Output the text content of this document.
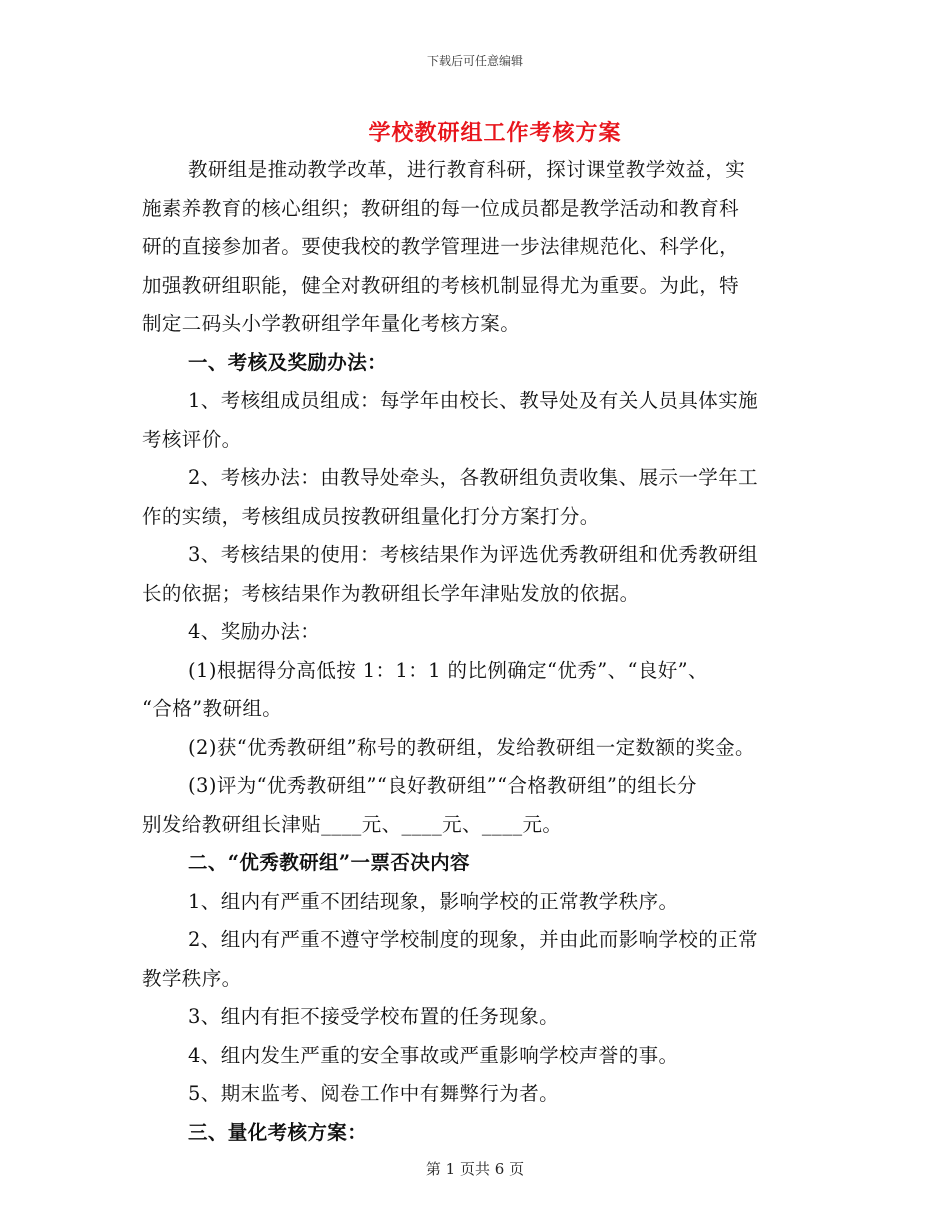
下载后可任意编辑
学校教研组工作考核方案
教研组是推动教学改革，进行教育科研，探讨课堂教学效益，实
施素养教育的核心组织；教研组的每一位成员都是教学活动和教育科
研的直接参加者。要使我校的教学管理进一步法律规范化、科学化，
加强教研组职能，健全对教研组的考核机制显得尤为重要。为此，特
制定二码头小学教研组学年量化考核方案。
一、考核及奖励办法：
1、考核组成员组成：每学年由校长、教导处及有关人员具体实施
考核评价。
2、考核办法：由教导处牵头，各教研组负责收集、展示一学年工
作的实绩，考核组成员按教研组量化打分方案打分。
3、考核结果的使用：考核结果作为评选优秀教研组和优秀教研组
长的依据；考核结果作为教研组长学年津贴发放的依据。
4、奖励办法：
(1)根据得分高低按 1：1：1 的比例确定“优秀”、“良好”、
“合格”教研组。
(2)获“优秀教研组”称号的教研组，发给教研组一定数额的奖金。
(3)评为“优秀教研组”“良好教研组”“合格教研组”的组长分
别发给教研组长津贴____元、____元、____元。
二、“优秀教研组”一票否决内容
1、组内有严重不团结现象，影响学校的正常教学秩序。
2、组内有严重不遵守学校制度的现象，并由此而影响学校的正常
教学秩序。
3、组内有拒不接受学校布置的任务现象。
4、组内发生严重的安全事故或严重影响学校声誉的事。
5、期末监考、阅卷工作中有舞弊行为者。
三、量化考核方案：
第 1 页共 6 页
